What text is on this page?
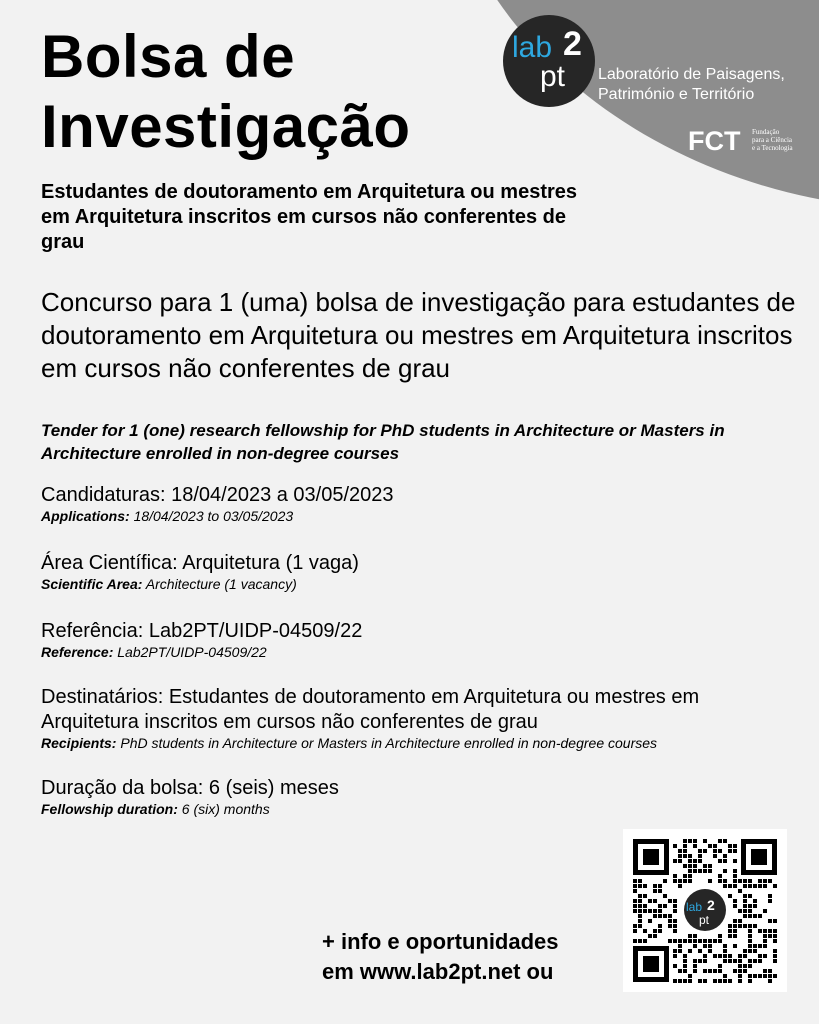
Bolsa de
Investigação
Estudantes de doutoramento em Arquitetura ou mestres em Arquitetura inscritos em cursos não conferentes de grau
lab 2
pt Laboratório de Paisagens,
Património e Território
FCT Fundação
para a Ciência
e a Tecnologia
Concurso para 1 (uma) bolsa de investigação para estudantes de doutoramento em Arquitetura ou mestres em Arquitetura inscritos em cursos não conferentes de grau
Tender for 1 (one) research fellowship for PhD students in Architecture or Masters in Architecture enrolled in non-degree courses
Candidaturas: 18/04/2023 a 03/05/2023
Applications: 18/04/2023 to 03/05/2023
Área Científica: Arquitetura (1 vaga)
Scientific Area: Architecture (1 vacancy)
Referência: Lab2PT/UIDP-04509/22
Reference: Lab2PT/UIDP-04509/22
Destinatários: Estudantes de doutoramento em Arquitetura ou mestres em Arquitetura inscritos em cursos não conferentes de grau
Recipients: PhD students in Architecture or Masters in Architecture enrolled in non-degree courses
Duração da bolsa: 6 (seis) meses
Fellowship duration: 6 (six) months
lab 2
pt
+ info e oportunidades
em www.lab2pt.net ou
